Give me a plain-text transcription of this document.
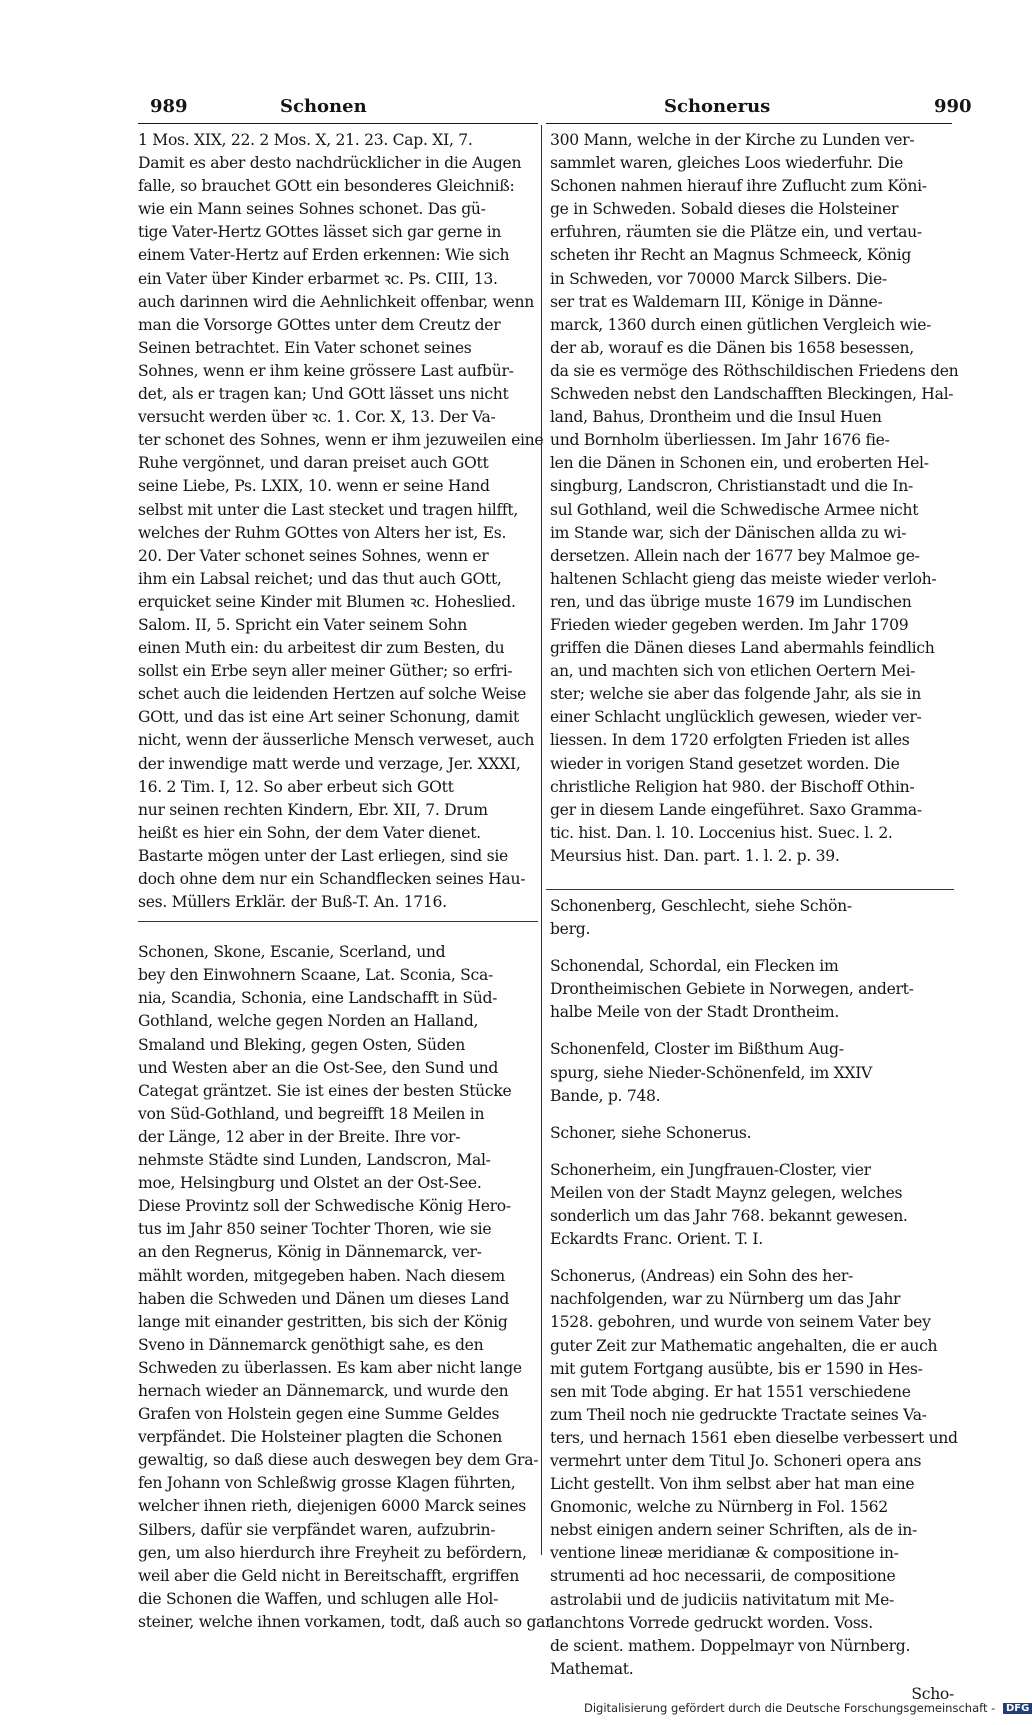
989	Schonen	Schonerus	990
1 Mos. XIX, 22. 2 Mos. X, 21. 23. Cap. XI, 7.
Damit es aber desto nachdrücklicher in die Augen
falle, so brauchet GOtt ein besonderes Gleichniß:
wie ein Mann seines Sohnes schonet. Das gü-
tige Vater-Hertz GOttes lässet sich gar gerne in
einem Vater-Hertz auf Erden erkennen: Wie sich
ein Vater über Kinder erbarmet ꝛc. Ps. CIII, 13.
auch darinnen wird die Aehnlichkeit offenbar, wenn
man die Vorsorge GOttes unter dem Creutz der
Seinen betrachtet. Ein Vater schonet seines
Sohnes, wenn er ihm keine grössere Last aufbür-
det, als er tragen kan; Und GOtt lässet uns nicht
versucht werden über ꝛc. 1. Cor. X, 13. Der Va-
ter schonet des Sohnes, wenn er ihm jezuweilen eine
Ruhe vergönnet, und daran preiset auch GOtt
seine Liebe, Ps. LXIX, 10. wenn er seine Hand
selbst mit unter die Last stecket und tragen hilfft,
welches der Ruhm GOttes von Alters her ist, Es.
20. Der Vater schonet seines Sohnes, wenn er
ihm ein Labsal reichet; und das thut auch GOtt,
erquicket seine Kinder mit Blumen ꝛc. Hoheslied.
Salom. II, 5. Spricht ein Vater seinem Sohn
einen Muth ein: du arbeitest dir zum Besten, du
sollst ein Erbe seyn aller meiner Güther; so erfri-
schet auch die leidenden Hertzen auf solche Weise
GOtt, und das ist eine Art seiner Schonung, damit
nicht, wenn der äusserliche Mensch verweset, auch
der inwendige matt werde und verzage, Jer. XXXI,
16. 2 Tim. I, 12. So aber erbeut sich GOtt
nur seinen rechten Kindern, Ebr. XII, 7. Drum
heißt es hier ein Sohn, der dem Vater dienet.
Bastarte mögen unter der Last erliegen, sind sie
doch ohne dem nur ein Schandflecken seines Hau-
ses. Müllers Erklär. der Buß-T. An. 1716.
Schonen, Skone, Escanie, Scerland, und
bey den Einwohnern Scaane, Lat. Sconia, Sca-
nia, Scandia, Schonia, eine Landschafft in Süd-
Gothland, welche gegen Norden an Halland,
Smaland und Bleking, gegen Osten, Süden
und Westen aber an die Ost-See, den Sund und
Categat gräntzet. Sie ist eines der besten Stücke
von Süd-Gothland, und begreifft 18 Meilen in
der Länge, 12 aber in der Breite. Ihre vor-
nehmste Städte sind Lunden, Landscron, Mal-
moe, Helsingburg und Olstet an der Ost-See.
Diese Provintz soll der Schwedische König Hero-
tus im Jahr 850 seiner Tochter Thoren, wie sie
an den Regnerus, König in Dännemarck, ver-
mählt worden, mitgegeben haben. Nach diesem
haben die Schweden und Dänen um dieses Land
lange mit einander gestritten, bis sich der König
Sveno in Dännemarck genöthigt sahe, es den
Schweden zu überlassen. Es kam aber nicht lange
hernach wieder an Dännemarck, und wurde den
Grafen von Holstein gegen eine Summe Geldes
verpfändet. Die Holsteiner plagten die Schonen
gewaltig, so daß diese auch deswegen bey dem Gra-
fen Johann von Schleßwig grosse Klagen führten,
welcher ihnen rieth, diejenigen 6000 Marck seines
Silbers, dafür sie verpfändet waren, aufzubrin-
gen, um also hierdurch ihre Freyheit zu befördern,
weil aber die Geld nicht in Bereitschafft, ergriffen
die Schonen die Waffen, und schlugen alle Hol-
steiner, welche ihnen vorkamen, todt, daß auch so gar
300 Mann, welche in der Kirche zu Lunden ver-
sammlet waren, gleiches Loos wiederfuhr. Die
Schonen nahmen hierauf ihre Zuflucht zum Köni-
ge in Schweden. Sobald dieses die Holsteiner
erfuhren, räumten sie die Plätze ein, und vertau-
scheten ihr Recht an Magnus Schmeeck, König
in Schweden, vor 70000 Marck Silbers. Die-
ser trat es Waldemarn III, Könige in Dänne-
marck, 1360 durch einen gütlichen Vergleich wie-
der ab, worauf es die Dänen bis 1658 besessen,
da sie es vermöge des Röthschildischen Friedens den
Schweden nebst den Landschafften Bleckingen, Hal-
land, Bahus, Drontheim und die Insul Huen
und Bornholm überliessen. Im Jahr 1676 fie-
len die Dänen in Schonen ein, und eroberten Hel-
singburg, Landscron, Christianstadt und die In-
sul Gothland, weil die Schwedische Armee nicht
im Stande war, sich der Dänischen allda zu wi-
dersetzen. Allein nach der 1677 bey Malmoe ge-
haltenen Schlacht gieng das meiste wieder verloh-
ren, und das übrige muste 1679 im Lundischen
Frieden wieder gegeben werden. Im Jahr 1709
griffen die Dänen dieses Land abermahls feindlich
an, und machten sich von etlichen Oertern Mei-
ster; welche sie aber das folgende Jahr, als sie in
einer Schlacht unglücklich gewesen, wieder ver-
liessen. In dem 1720 erfolgten Frieden ist alles
wieder in vorigen Stand gesetzet worden. Die
christliche Religion hat 980. der Bischoff Othin-
ger in diesem Lande eingeführet. Saxo Gramma-
tic. hist. Dan. l. 10. Loccenius hist. Suec. l. 2.
Meursius hist. Dan. part. 1. l. 2. p. 39.
Schonenberg, Geschlecht, siehe Schön-
berg.
Schonendal, Schordal, ein Flecken im
Drontheimischen Gebiete in Norwegen, andert-
halbe Meile von der Stadt Drontheim.
Schonenfeld, Closter im Bißthum Aug-
spurg, siehe Nieder-Schönenfeld, im XXIV
Bande, p. 748.
Schoner, siehe Schonerus.
Schonerheim, ein Jungfrauen-Closter, vier
Meilen von der Stadt Maynz gelegen, welches
sonderlich um das Jahr 768. bekannt gewesen.
Eckardts Franc. Orient. T. I.
Schonerus, (Andreas) ein Sohn des her-
nachfolgenden, war zu Nürnberg um das Jahr
1528. gebohren, und wurde von seinem Vater bey
guter Zeit zur Mathematic angehalten, die er auch
mit gutem Fortgang ausübte, bis er 1590 in Hes-
sen mit Tode abging. Er hat 1551 verschiedene
zum Theil noch nie gedruckte Tractate seines Va-
ters, und hernach 1561 eben dieselbe verbessert und
vermehrt unter dem Titul Jo. Schoneri opera ans
Licht gestellt. Von ihm selbst aber hat man eine
Gnomonic, welche zu Nürnberg in Fol. 1562
nebst einigen andern seiner Schriften, als de in-
ventione lineæ meridianæ & compositione in-
strumenti ad hoc necessarii, de compositione
astrolabii und de judiciis nativitatum mit Me-
lanchtons Vorrede gedruckt worden. Voss.
de scient. mathem. Doppelmayr von Nürnberg.
Mathemat.
Scho-
Digitalisierung gefördert durch die Deutsche Forschungsgemeinschaft - DFG
